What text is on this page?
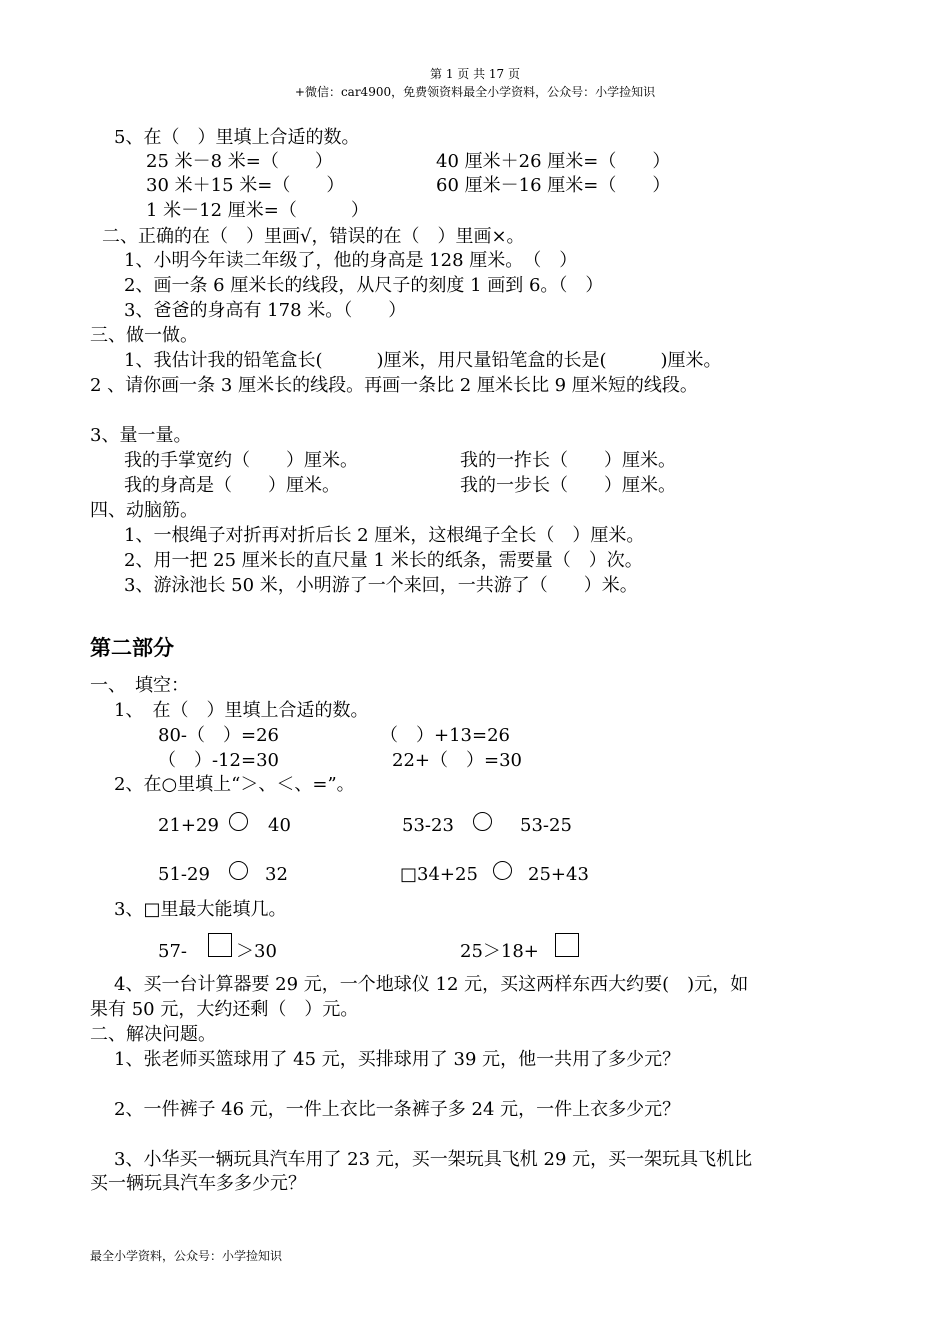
第 1 页 共 17 页
+微信：car4900，免费领资料最全小学资料，公众号：小学捡知识
5、在（　）里填上合适的数。
25 米－8 米=（　　）	40 厘米＋26 厘米=（　　）
30 米＋15 米=（　　）	60 厘米－16 厘米=（　　）
1 米－12 厘米=（　　　）
二、正确的在（　）里画√，错误的在（　）里画×。
1、小明今年读二年级了，他的身高是 128 厘米。　（　）
2、画一条 6 厘米长的线段，从尺子的刻度 1 画到 6。（　）
3、爸爸的身高有 178 米。（　　）
三、做一做。
1、我估计我的铅笔盒长(　　　)厘米，用尺量铅笔盒的长是(　　　)厘米。
2 、请你画一条 3 厘米长的线段。再画一条比 2 厘米长比 9 厘米短的线段。
3、量一量。
我的手掌宽约（　　）厘米。	我的一拃长（　　）厘米。
我的身高是（　　）厘米。	我的一步长（　　）厘米。
四、动脑筋。
1、一根绳子对折再对折后长 2 厘米，这根绳子全长（　）厘米。
2、用一把 25 厘米长的直尺量 1 米长的纸条，需要量（　）次。
3、游泳池长 50 米，小明游了一个来回，一共游了（　　）米。
第二部分
一、　填空：
1、　在（　）里填上合适的数。
80-（　）=26	（　）+13=26
（　）-12=30	22+（　）=30
2、在○里填上“＞、＜、=”。
21+29	40	53-23	53-25
51-29	32	□34+25	25+43
3、□里最大能填几。
57-	＞30	25＞18+
4、买一台计算器要 29 元，一个地球仪 12 元，买这两样东西大约要(　)元，如
果有 50 元，大约还剩（　）元。
二、解决问题。
1、张老师买篮球用了 45 元，买排球用了 39 元，他一共用了多少元？
2、一件裤子 46 元，一件上衣比一条裤子多 24 元，一件上衣多少元？
3、小华买一辆玩具汽车用了 23 元，买一架玩具飞机 29 元，买一架玩具飞机比
买一辆玩具汽车多多少元？
最全小学资料，公众号：小学捡知识
